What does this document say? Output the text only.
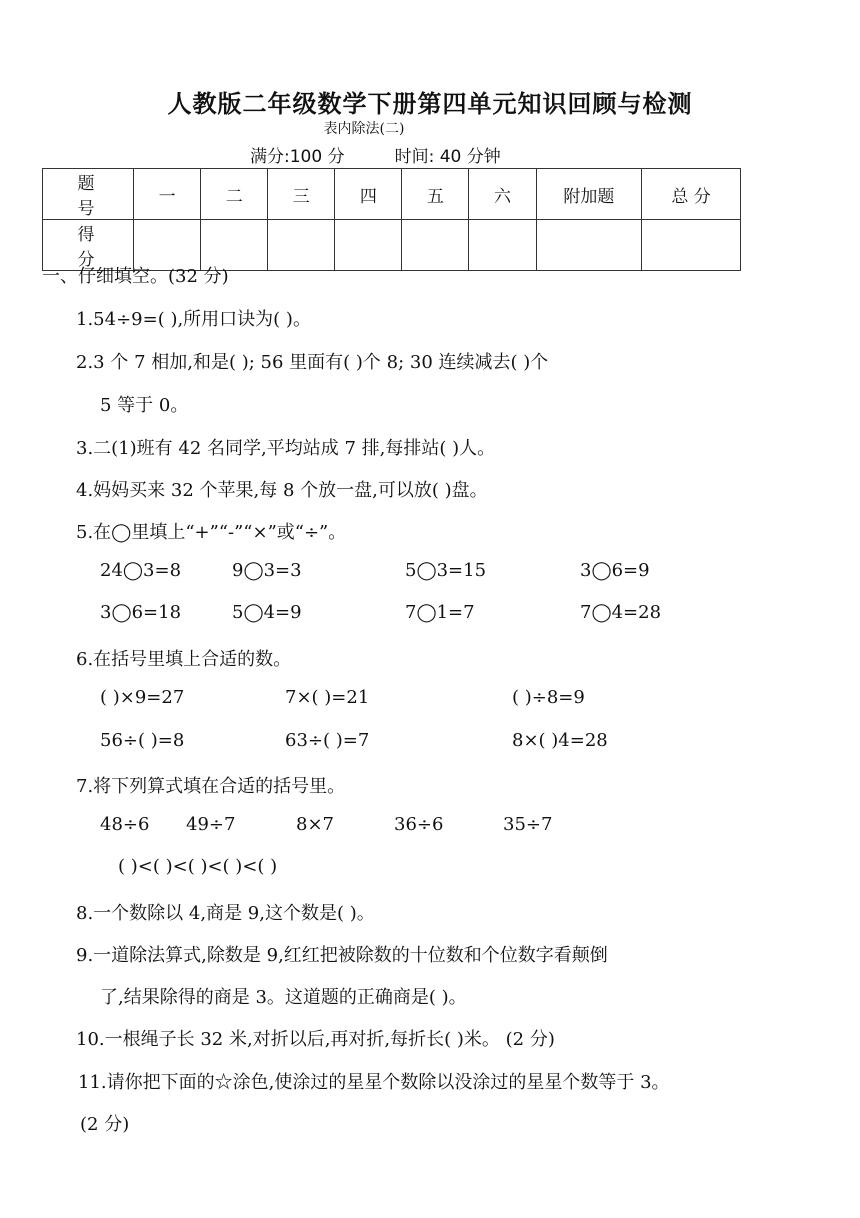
人教版二年级数学下册第四单元知识回顾与检测
表内除法(二)
满分:100 分	时间: 40 分钟
题 号	一	二	三	四	五	六	附加题	总 分
得 分								
一、仔细填空。(32 分)
1.54÷9=( ),所用口诀为( )。
2.3 个 7 相加,和是( ); 56 里面有( )个 8; 30 连续减去( )个
5 等于 0。
3.二(1)班有 42 名同学,平均站成 7 排,每排站( )人。
4.妈妈买来 32 个苹果,每 8 个放一盘,可以放( )盘。
5.在◯里填上“+”“-”“×”或“÷”。
24◯3=8	9◯3=3	5◯3=15	3◯6=9
3◯6=18	5◯4=9	7◯1=7	7◯4=28
6.在括号里填上合适的数。
( )×9=27	7×( )=21	( )÷8=9
56÷( )=8	63÷( )=7	8×( )4=28
7.将下列算式填在合适的括号里。
48÷6 49÷7	8×7	36÷6	35÷7
( )<( )<( )<( )<( )
8.一个数除以 4,商是 9,这个数是( )。
9.一道除法算式,除数是 9,红红把被除数的十位数和个位数字看颠倒
了,结果除得的商是 3。这道题的正确商是( )。
10.一根绳子长 32 米,对折以后,再对折,每折长( )米。 (2 分)
11.请你把下面的☆涂色,使涂过的星星个数除以没涂过的星星个数等于 3。
(2 分)
